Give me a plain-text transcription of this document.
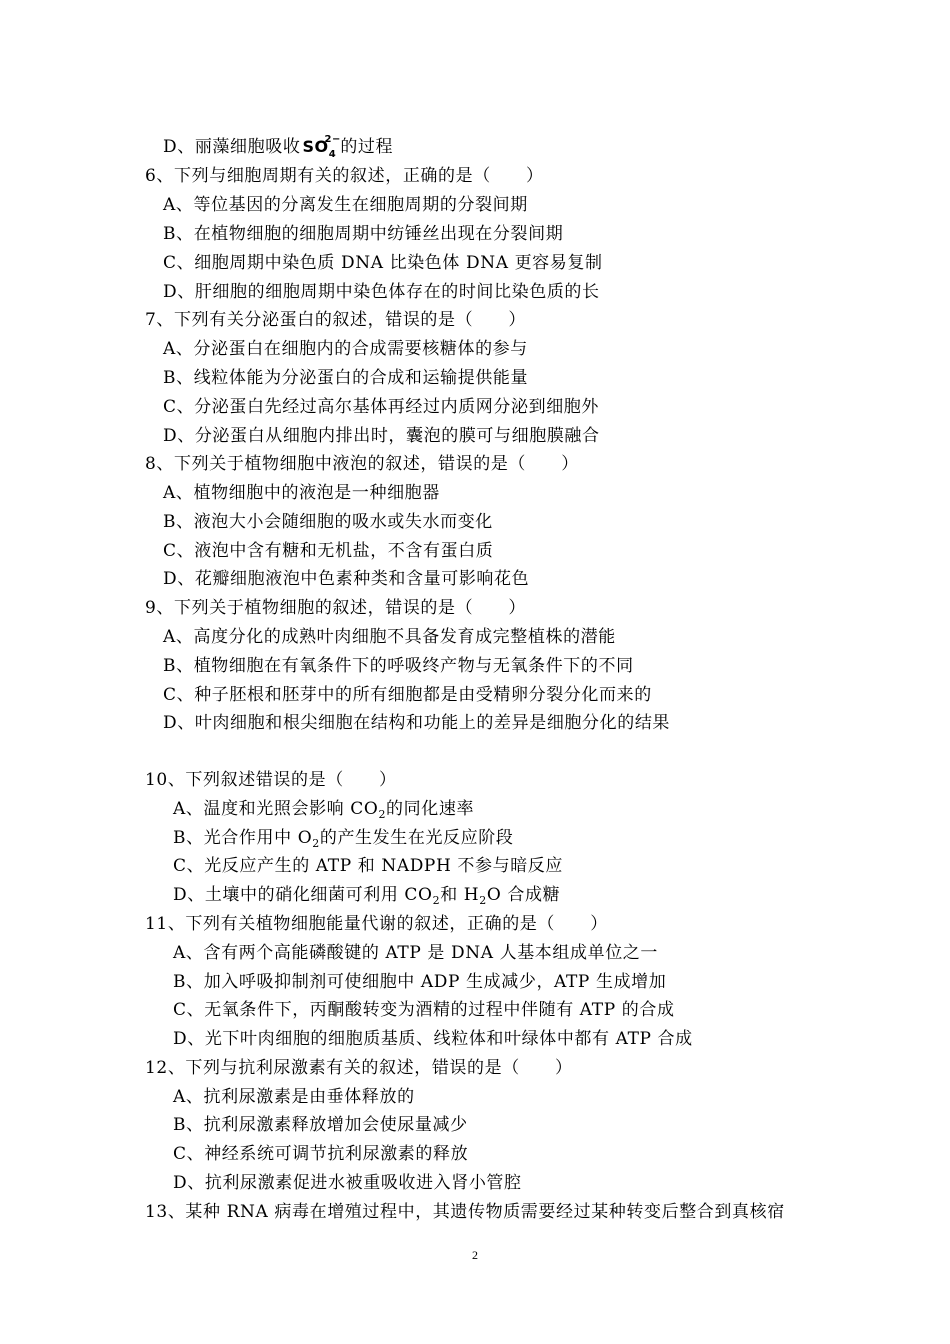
D、丽藻细胞吸收 $SO_4$
2− 的过程
6、下列与细胞周期有关的叙述，正确的是（　　）
A、等位基因的分离发生在细胞周期的分裂间期
B、在植物细胞的细胞周期中纺锤丝出现在分裂间期
C、细胞周期中染色质 DNA 比染色体 DNA 更容易复制
D、肝细胞的细胞周期中染色体存在的时间比染色质的长
7、下列有关分泌蛋白的叙述，错误的是（　　）
A、分泌蛋白在细胞内的合成需要核糖体的参与
B、线粒体能为分泌蛋白的合成和运输提供能量
C、分泌蛋白先经过高尔基体再经过内质网分泌到细胞外
D、分泌蛋白从细胞内排出时，囊泡的膜可与细胞膜融合
8、下列关于植物细胞中液泡的叙述，错误的是（　　）
A、植物细胞中的液泡是一种细胞器
B、液泡大小会随细胞的吸水或失水而变化
C、液泡中含有糖和无机盐，不含有蛋白质
D、花瓣细胞液泡中色素种类和含量可影响花色
9、下列关于植物细胞的叙述，错误的是（　　）
A、高度分化的成熟叶肉细胞不具备发育成完整植株的潜能
B、植物细胞在有氧条件下的呼吸终产物与无氧条件下的不同
C、种子胚根和胚芽中的所有细胞都是由受精卵分裂分化而来的
D、叶肉细胞和根尖细胞在结构和功能上的差异是细胞分化的结果
10、下列叙述错误的是（　　）
A、温度和光照会影响 $CO_2$的同化速率
B、光合作用中 $O_2$的产生发生在光反应阶段
C、光反应产生的 ATP 和 NADPH 不参与暗反应
D、土壤中的硝化细菌可利用 $CO_2$和 $H_2O$ 合成糖
11、下列有关植物细胞能量代谢的叙述，正确的是（　　）
A、含有两个高能磷酸键的 ATP 是 DNA 人基本组成单位之一
B、加入呼吸抑制剂可使细胞中 ADP 生成减少，ATP 生成增加
C、无氧条件下，丙酮酸转变为酒精的过程中伴随有 ATP 的合成
D、光下叶肉细胞的细胞质基质、线粒体和叶绿体中都有 ATP 合成
12、下列与抗利尿激素有关的叙述，错误的是（　　）
A、抗利尿激素是由垂体释放的
B、抗利尿激素释放增加会使尿量减少
C、神经系统可调节抗利尿激素的释放
D、抗利尿激素促进水被重吸收进入肾小管腔
13、某种 RNA 病毒在增殖过程中，其遗传物质需要经过某种转变后整合到真核宿
2
